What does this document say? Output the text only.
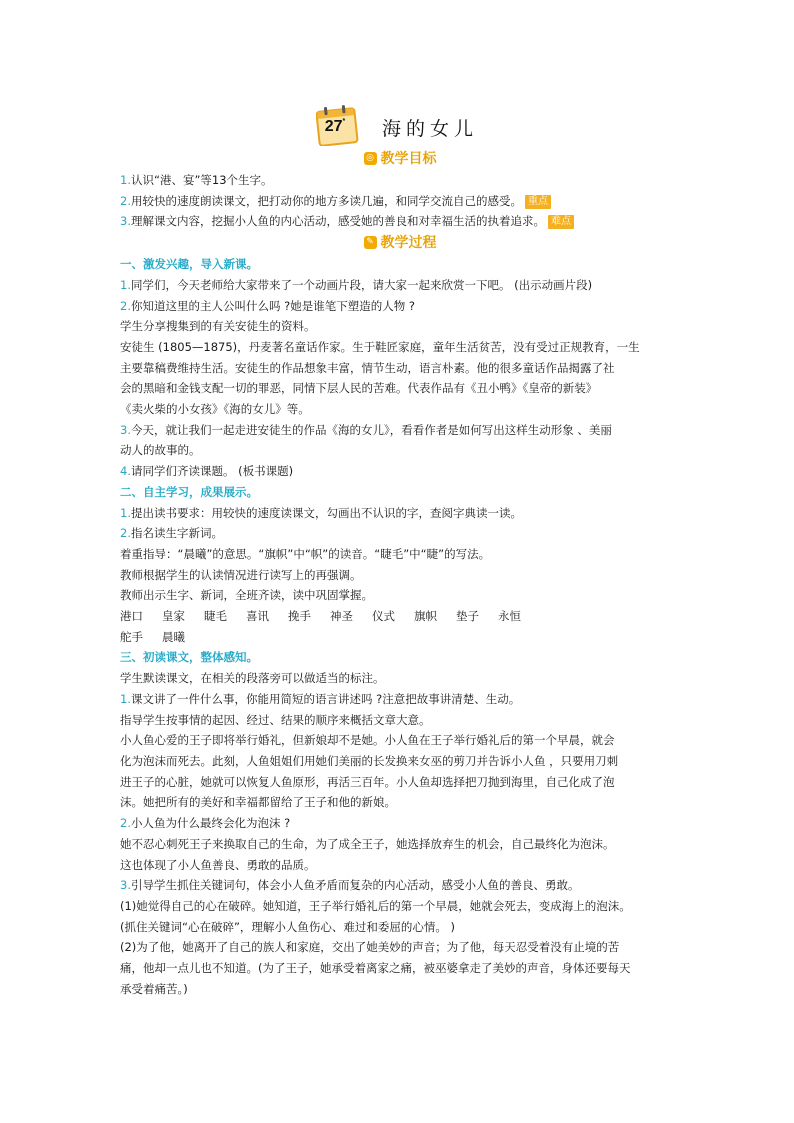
27*	海的女儿
◎ 教学目标
1.认识“港、宴”等13个生字。
2.用较快的速度朗读课文，把打动你的地方多读几遍，和同学交流自己的感受。 重点
3.理解课文内容，挖掘小人鱼的内心活动，感受她的善良和对幸福生活的执着追求。 难点
✎ 教学过程
一、激发兴趣，导入新课。
1.同学们，今天老师给大家带来了一个动画片段，请大家一起来欣赏一下吧。 (出示动画片段)
2.你知道这里的主人公叫什么吗 ?她是谁笔下塑造的人物 ?
学生分享搜集到的有关安徒生的资料。
安徒生 (1805—1875)，丹麦著名童话作家。生于鞋匠家庭，童年生活贫苦，没有受过正规教育，一生
主要靠稿费维持生活。安徒生的作品想象丰富，情节生动，语言朴素。他的很多童话作品揭露了社
会的黑暗和金钱支配一切的罪恶，同情下层人民的苦难。代表作品有《丑小鸭》《皇帝的新装》
《卖火柴的小女孩》《海的女儿》等。
3.今天，就让我们一起走进安徒生的作品《海的女儿》，看看作者是如何写出这样生动形象 、美丽
动人的故事的。
4.请同学们齐读课题。 (板书课题)
二、自主学习，成果展示。
1.提出读书要求：用较快的速度读课文，勾画出不认识的字，查阅字典读一读。
2.指名读生字新词。
着重指导：“晨曦”的意思。“旗帜”中“帜”的读音。“睫毛”中“睫”的写法。
教师根据学生的认读情况进行读写上的再强调。
教师出示生字、新词，全班齐读，读中巩固掌握。
港口 皇家 睫毛 喜讯 挽手 神圣 仪式 旗帜 垫子 永恒
舵手 晨曦
三、初读课文，整体感知。
学生默读课文，在相关的段落旁可以做适当的标注。
1.课文讲了一件什么事，你能用简短的语言讲述吗 ?注意把故事讲清楚、生动。
指导学生按事情的起因、经过、结果的顺序来概括文章大意。
小人鱼心爱的王子即将举行婚礼，但新娘却不是她。小人鱼在王子举行婚礼后的第一个早晨，就会
化为泡沫而死去。此刻，人鱼姐姐们用她们美丽的长发换来女巫的剪刀并告诉小人鱼 ，只要用刀刺
进王子的心脏，她就可以恢复人鱼原形，再活三百年。小人鱼却选择把刀抛到海里，自己化成了泡
沫。她把所有的美好和幸福都留给了王子和他的新娘。
2.小人鱼为什么最终会化为泡沫 ?
她不忍心刺死王子来换取自己的生命，为了成全王子，她选择放弃生的机会，自己最终化为泡沫。
这也体现了小人鱼善良、勇敢的品质。
3.引导学生抓住关键词句，体会小人鱼矛盾而复杂的内心活动，感受小人鱼的善良、勇敢。
(1)她觉得自己的心在破碎。她知道，王子举行婚礼后的第一个早晨，她就会死去，变成海上的泡沫。
(抓住关键词“心在破碎”，理解小人鱼伤心、难过和委屈的心情。 )
(2)为了他，她离开了自己的族人和家庭，交出了她美妙的声音；为了他，每天忍受着没有止境的苦
痛，他却一点儿也不知道。(为了王子，她承受着离家之痛，被巫婆拿走了美妙的声音，身体还要每天
承受着痛苦。)
